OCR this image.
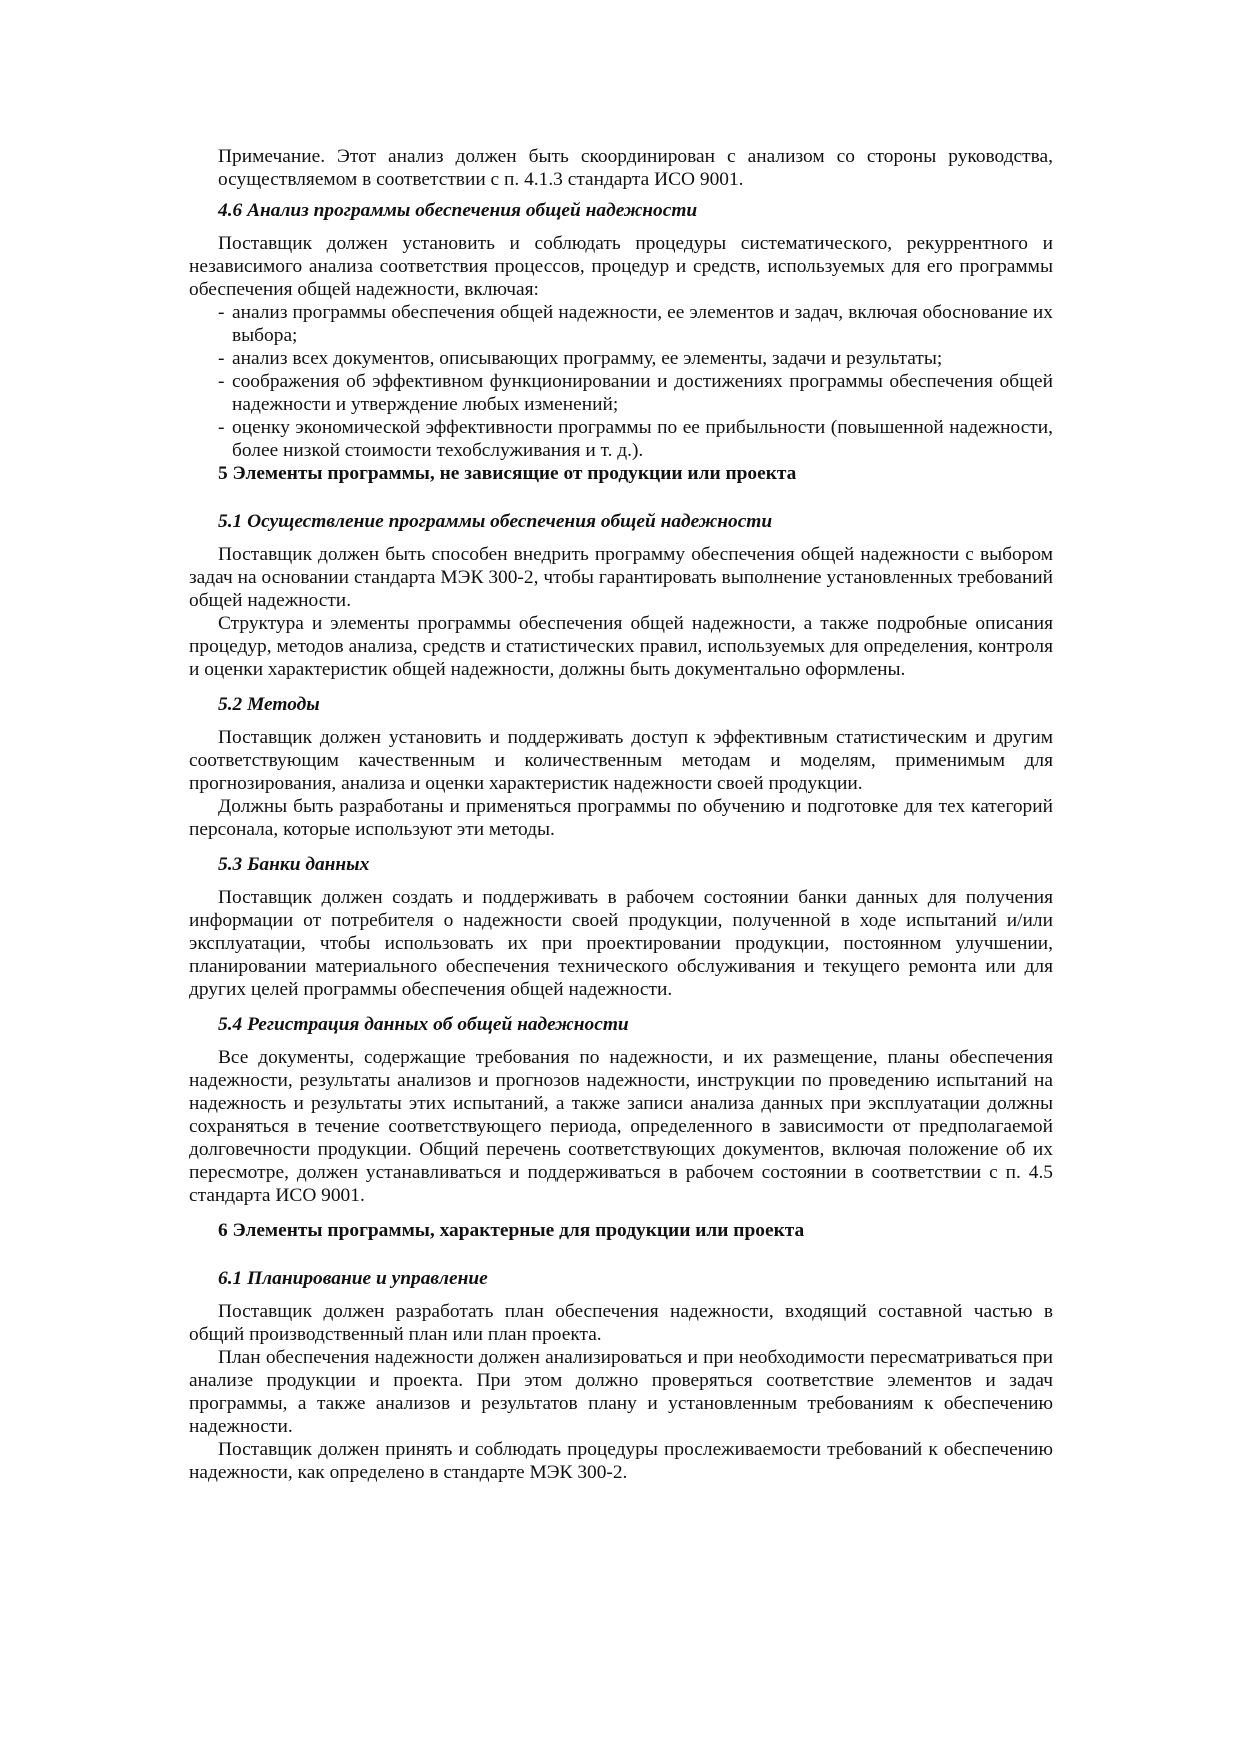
Примечание. Этот анализ должен быть скоординирован с анализом со стороны руководства, осуществляемом в соответствии с п. 4.1.3 стандарта ИСО 9001.

4.6 Анализ программы обеспечения общей надежности

Поставщик должен установить и соблюдать процедуры систематического, рекуррентного и независимого анализа соответствия процессов, процедур и средств, используемых для его программы обеспечения общей надежности, включая:

- анализ программы обеспечения общей надежности, ее элементов и задач, включая обоснование их выбора;
- анализ всех документов, описывающих программу, ее элементы, задачи и результаты;
- соображения об эффективном функционировании и достижениях программы обеспечения общей надежности и утверждение любых изменений;
- оценку экономической эффективности программы по ее прибыльности (повышенной надежности, более низкой стоимости техобслуживания и т. д.).

5 Элементы программы, не зависящие от продукции или проекта

5.1 Осуществление программы обеспечения общей надежности

Поставщик должен быть способен внедрить программу обеспечения общей надежности с выбором задач на основании стандарта МЭК 300-2, чтобы гарантировать выполнение установленных требований общей надежности.

Структура и элементы программы обеспечения общей надежности, а также подробные описания процедур, методов анализа, средств и статистических правил, используемых для определения, контроля и оценки характеристик общей надежности, должны быть документально оформлены.

5.2 Методы

Поставщик должен установить и поддерживать доступ к эффективным статистическим и другим соответствующим качественным и количественным методам и моделям, применимым для прогнозирования, анализа и оценки характеристик надежности своей продукции.

Должны быть разработаны и применяться программы по обучению и подготовке для тех категорий персонала, которые используют эти методы.

5.3 Банки данных

Поставщик должен создать и поддерживать в рабочем состоянии банки данных для получения информации от потребителя о надежности своей продукции, полученной в ходе испытаний и/или эксплуатации, чтобы использовать их при проектировании продукции, постоянном улучшении, планировании материального обеспечения технического обслуживания и текущего ремонта или для других целей программы обеспечения общей надежности.

5.4 Регистрация данных об общей надежности

Все документы, содержащие требования по надежности, и их размещение, планы обеспечения надежности, результаты анализов и прогнозов надежности, инструкции по проведению испытаний на надежность и результаты этих испытаний, а также записи анализа данных при эксплуатации должны сохраняться в течение соответствующего периода, определенного в зависимости от предполагаемой долговечности продукции. Общий перечень соответствующих документов, включая положение об их пересмотре, должен устанавливаться и поддерживаться в рабочем состоянии в соответствии с п. 4.5 стандарта ИСО 9001.

6 Элементы программы, характерные для продукции или проекта

6.1 Планирование и управление

Поставщик должен разработать план обеспечения надежности, входящий составной частью в общий производственный план или план проекта.

План обеспечения надежности должен анализироваться и при необходимости пересматриваться при анализе продукции и проекта. При этом должно проверяться соответствие элементов и задач программы, а также анализов и результатов плану и установленным требованиям к обеспечению надежности.

Поставщик должен принять и соблюдать процедуры прослеживаемости требований к обеспечению надежности, как определено в стандарте МЭК 300-2.
